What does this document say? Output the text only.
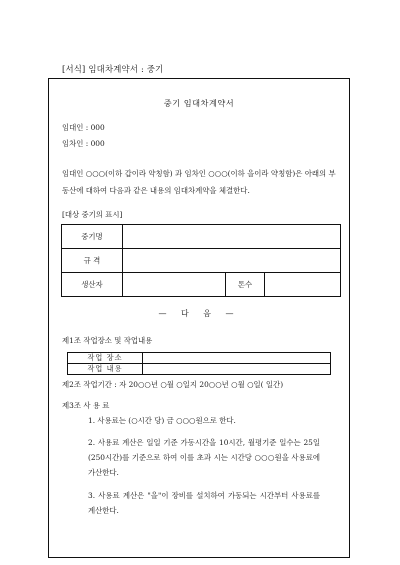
[서식] 임대차계약서 : 중기
중기 임대차계약서
임대인 : 000
임차인 : 000
임대인 ○○○(이하 갑이라 약칭함) 과 임차인 ○○○(이하 을이라 약칭함)은 아래의 부동산에 대하여 다음과 같은 내용의 임대차계약을 체결한다.
[대상 중기의 표시]
중기명			
규 격			
생산자		톤수	
— 다 음 —
제1조 작업장소 및 작업내용
작업 장소	
작업 내용	
제2조 작업기간 : 자 20○○년 ○월 ○일지 20○○년 ○월 ○일( 일간)
제3조 사 용 료
1. 사용료는 (○시간 당) 금 ○○○원으로 한다.
2. 사용료 계산은 일일 기준 가동시간을 10시간, 월평기준 일수는 25일(250시간)를 기준으로 하여 이를 초과 시는 시간당 ○○○원을 사용료에 가산한다.
3. 사용료 계산은 "을"이 장비를 설치하여 가동되는 시간부터 사용료를 계산한다.
